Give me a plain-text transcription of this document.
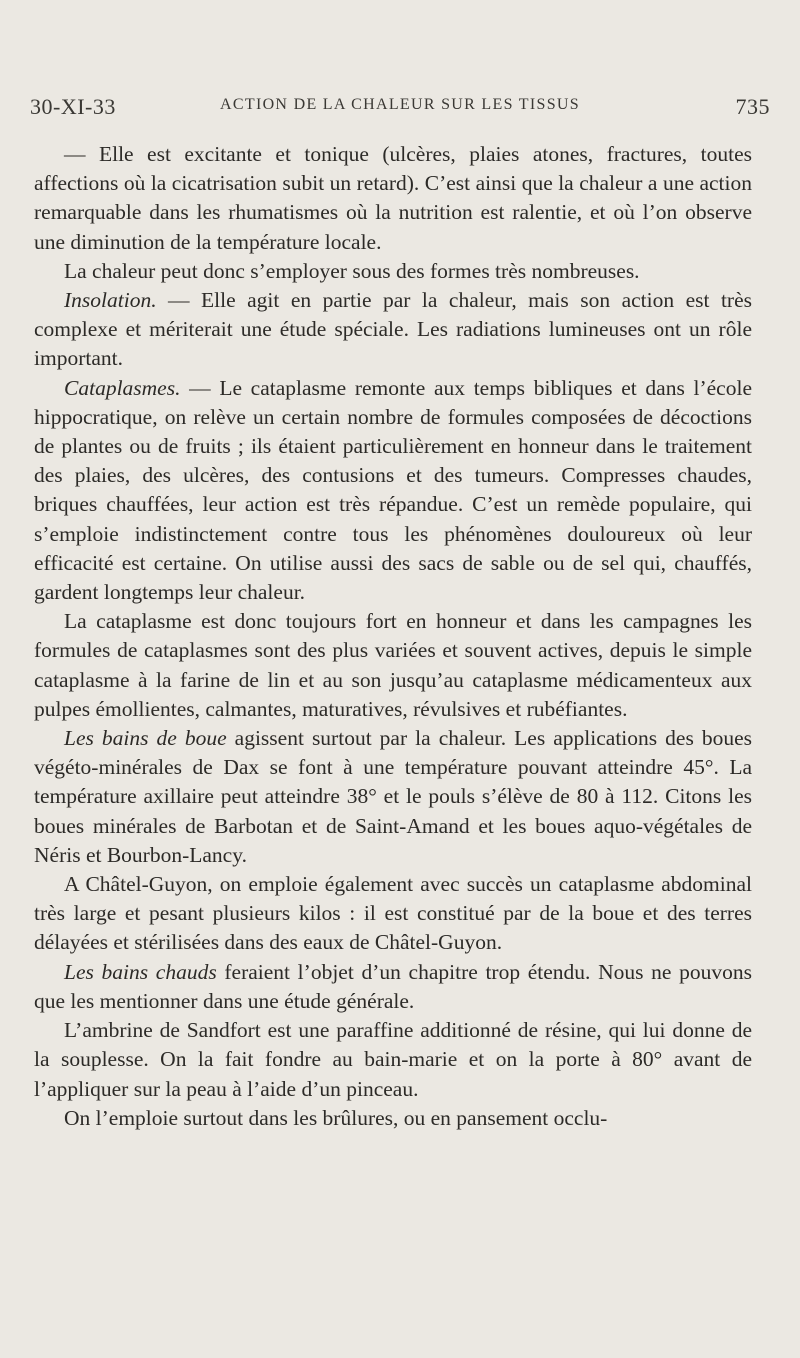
30-XI-33	ACTION DE LA CHALEUR SUR LES TISSUS	735

— Elle est excitante et tonique (ulcères, plaies atones, fractures, toutes affections où la cicatrisation subit un retard). C’est ainsi que la chaleur a une action remarquable dans les rhumatismes où la nutrition est ralentie, et où l’on observe une diminution de la température locale.

La chaleur peut donc s’employer sous des formes très nombreuses.

Insolation. — Elle agit en partie par la chaleur, mais son action est très complexe et mériterait une étude spéciale. Les radiations lumineuses ont un rôle important.

Cataplasmes. — Le cataplasme remonte aux temps bibliques et dans l’école hippocratique, on relève un certain nombre de formules composées de décoctions de plantes ou de fruits ; ils étaient particulièrement en honneur dans le traitement des plaies, des ulcères, des contusions et des tumeurs. Compresses chaudes, briques chauffées, leur action est très répandue. C’est un remède populaire, qui s’emploie indistinctement contre tous les phénomènes douloureux où leur efficacité est certaine. On utilise aussi des sacs de sable ou de sel qui, chauffés, gardent longtemps leur chaleur.

La cataplasme est donc toujours fort en honneur et dans les campagnes les formules de cataplasmes sont des plus variées et souvent actives, depuis le simple cataplasme à la farine de lin et au son jusqu’au cataplasme médicamenteux aux pulpes émollientes, calmantes, maturatives, révulsives et rubéfiantes.

Les bains de boue agissent surtout par la chaleur. Les applications des boues végéto-minérales de Dax se font à une température pouvant atteindre 45°. La température axillaire peut atteindre 38° et le pouls s’élève de 80 à 112. Citons les boues minérales de Barbotan et de Saint-Amand et les boues aquo-végétales de Néris et Bourbon-Lancy.

A Châtel-Guyon, on emploie également avec succès un cataplasme abdominal très large et pesant plusieurs kilos : il est constitué par de la boue et des terres délayées et stérilisées dans des eaux de Châtel-Guyon.

Les bains chauds feraient l’objet d’un chapitre trop étendu. Nous ne pouvons que les mentionner dans une étude générale.

L’ambrine de Sandfort est une paraffine additionné de résine, qui lui donne de la souplesse. On la fait fondre au bain-marie et on la porte à 80° avant de l’appliquer sur la peau à l’aide d’un pinceau.

On l’emploie surtout dans les brûlures, ou en pansement occlu-
